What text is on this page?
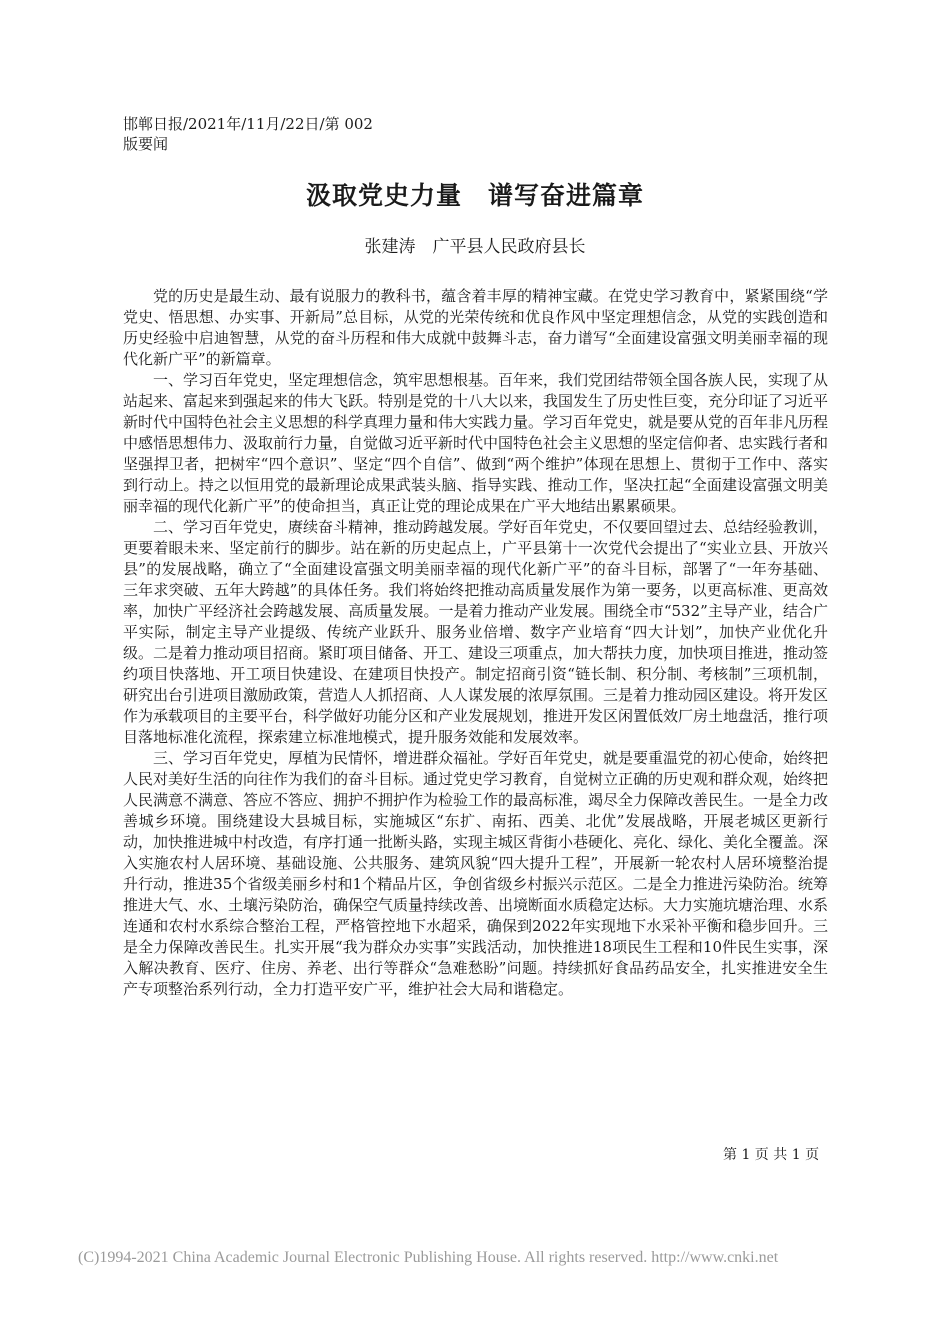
邯郸日报/2021年/11月/22日/第 002
版要闻
汲取党史力量　谱写奋进篇章
张建涛　广平县人民政府县长

党的历史是最生动、最有说服力的教科书，蕴含着丰厚的精神宝藏。在党史学习教育中，紧紧围绕“学党史、悟思想、办实事、开新局”总目标，从党的光荣传统和优良作风中坚定理想信念，从党的实践创造和历史经验中启迪智慧，从党的奋斗历程和伟大成就中鼓舞斗志，奋力谱写“全面建设富强文明美丽幸福的现代化新广平”的新篇章。

一、学习百年党史，坚定理想信念，筑牢思想根基。百年来，我们党团结带领全国各族人民，实现了从站起来、富起来到强起来的伟大飞跃。特别是党的十八大以来，我国发生了历史性巨变，充分印证了习近平新时代中国特色社会主义思想的科学真理力量和伟大实践力量。学习百年党史，就是要从党的百年非凡历程中感悟思想伟力、汲取前行力量，自觉做习近平新时代中国特色社会主义思想的坚定信仰者、忠实践行者和坚强捍卫者，把树牢“四个意识”、坚定“四个自信”、做到“两个维护”体现在思想上、贯彻于工作中、落实到行动上。持之以恒用党的最新理论成果武装头脑、指导实践、推动工作，坚决扛起“全面建设富强文明美丽幸福的现代化新广平”的使命担当，真正让党的理论成果在广平大地结出累累硕果。

二、学习百年党史，赓续奋斗精神，推动跨越发展。学好百年党史，不仅要回望过去、总结经验教训，更要着眼未来、坚定前行的脚步。站在新的历史起点上，广平县第十一次党代会提出了“实业立县、开放兴县”的发展战略，确立了“全面建设富强文明美丽幸福的现代化新广平”的奋斗目标，部署了“一年夯基础、三年求突破、五年大跨越”的具体任务。我们将始终把推动高质量发展作为第一要务，以更高标准、更高效率，加快广平经济社会跨越发展、高质量发展。一是着力推动产业发展。围绕全市“532”主导产业，结合广平实际，制定主导产业提级、传统产业跃升、服务业倍增、数字产业培育“四大计划”，加快产业优化升级。二是着力推动项目招商。紧盯项目储备、开工、建设三项重点，加大帮扶力度，加快项目推进，推动签约项目快落地、开工项目快建设、在建项目快投产。制定招商引资“链长制、积分制、考核制”三项机制，研究出台引进项目激励政策，营造人人抓招商、人人谋发展的浓厚氛围。三是着力推动园区建设。将开发区作为承载项目的主要平台，科学做好功能分区和产业发展规划，推进开发区闲置低效厂房土地盘活，推行项目落地标准化流程，探索建立标准地模式，提升服务效能和发展效率。

三、学习百年党史，厚植为民情怀，增进群众福祉。学好百年党史，就是要重温党的初心使命，始终把人民对美好生活的向往作为我们的奋斗目标。通过党史学习教育，自觉树立正确的历史观和群众观，始终把人民满意不满意、答应不答应、拥护不拥护作为检验工作的最高标准，竭尽全力保障改善民生。一是全力改善城乡环境。围绕建设大县城目标，实施城区“东扩、南拓、西美、北优”发展战略，开展老城区更新行动，加快推进城中村改造，有序打通一批断头路，实现主城区背街小巷硬化、亮化、绿化、美化全覆盖。深入实施农村人居环境、基础设施、公共服务、建筑风貌“四大提升工程”，开展新一轮农村人居环境整治提升行动，推进35个省级美丽乡村和1个精品片区，争创省级乡村振兴示范区。二是全力推进污染防治。统筹推进大气、水、土壤污染防治，确保空气质量持续改善、出境断面水质稳定达标。大力实施坑塘治理、水系连通和农村水系综合整治工程，严格管控地下水超采，确保到2022年实现地下水采补平衡和稳步回升。三是全力保障改善民生。扎实开展“我为群众办实事”实践活动，加快推进18项民生工程和10件民生实事，深入解决教育、医疗、住房、养老、出行等群众“急难愁盼”问题。持续抓好食品药品安全，扎实推进安全生产专项整治系列行动，全力打造平安广平，维护社会大局和谐稳定。

第 1 页 共 1 页
(C)1994-2021 China Academic Journal Electronic Publishing House. All rights reserved. http://www.cnki.net
